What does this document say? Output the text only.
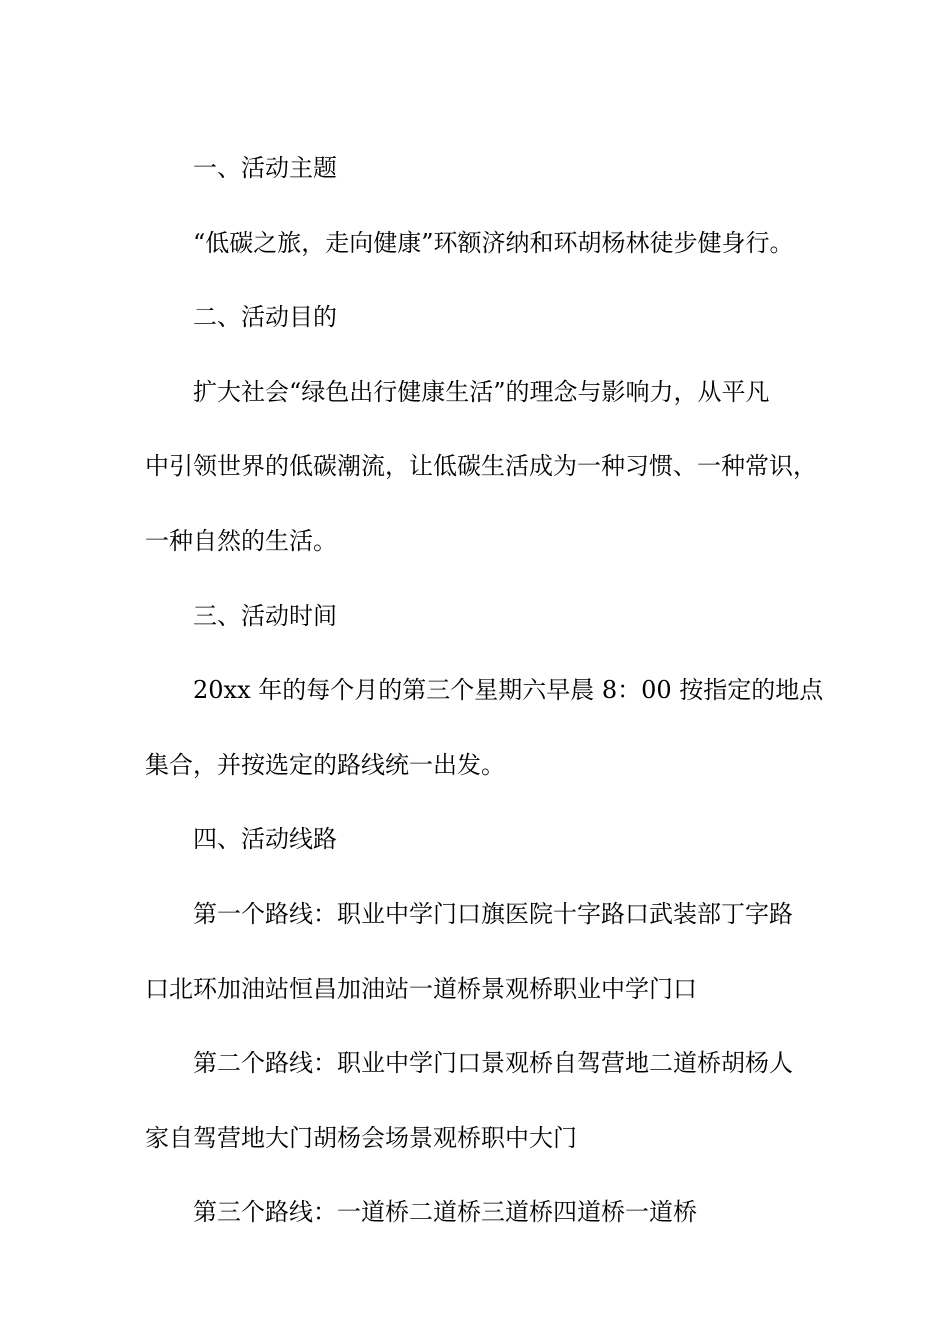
一、活动主题

“低碳之旅，走向健康”环额济纳和环胡杨林徒步健身行。

二、活动目的

扩大社会“绿色出行健康生活”的理念与影响力，从平凡

中引领世界的低碳潮流，让低碳生活成为一种习惯、一种常识，

一种自然的生活。

三、活动时间

20xx 年的每个月的第三个星期六早晨 8：00 按指定的地点

集合，并按选定的路线统一出发。

四、活动线路

第一个路线：职业中学门口旗医院十字路口武装部丁字路

口北环加油站恒昌加油站一道桥景观桥职业中学门口

第二个路线：职业中学门口景观桥自驾营地二道桥胡杨人

家自驾营地大门胡杨会场景观桥职中大门

第三个路线：一道桥二道桥三道桥四道桥一道桥
